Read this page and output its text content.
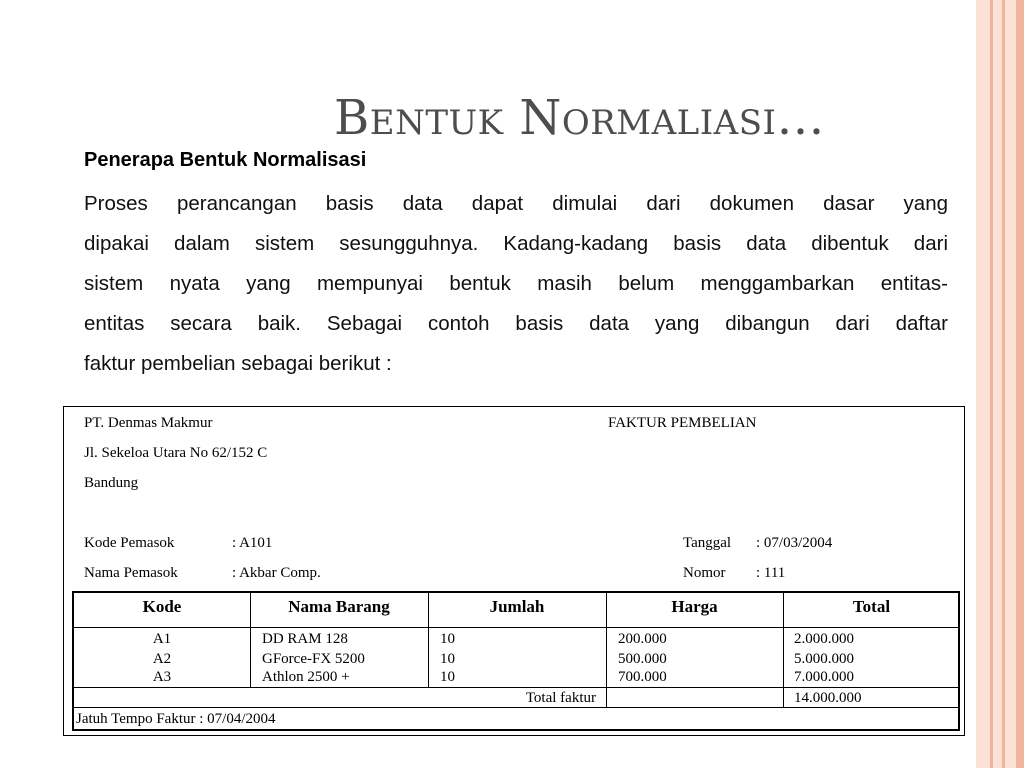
Bentuk Normaliasi…
Penerapa Bentuk Normalisasi

Proses perancangan basis data dapat dimulai dari dokumen dasar yang
dipakai dalam sistem sesungguhnya. Kadang-kadang basis data dibentuk dari
sistem nyata yang mempunyai bentuk masih belum menggambarkan entitas-
entitas secara baik. Sebagai contoh basis data yang dibangun dari daftar
faktur pembelian sebagai berikut :

PT. Denmas Makmur	FAKTUR PEMBELIAN
Jl. Sekeloa Utara No 62/152 C
Bandung
Kode Pemasok	: A101
Nama Pemasok	: Akbar Comp.
Tanggal : 07/03/2004
Nomor : 111
Kode	Nama Barang	Jumlah	Harga	Total
A1	DD RAM 128	10	200.000	2.000.000
A2	GForce-FX 5200	10	500.000	5.000.000
A3	Athlon 2500 +	10	700.000	7.000.000
Total faktur	14.000.000
Jatuh Tempo Faktur : 07/04/2004
